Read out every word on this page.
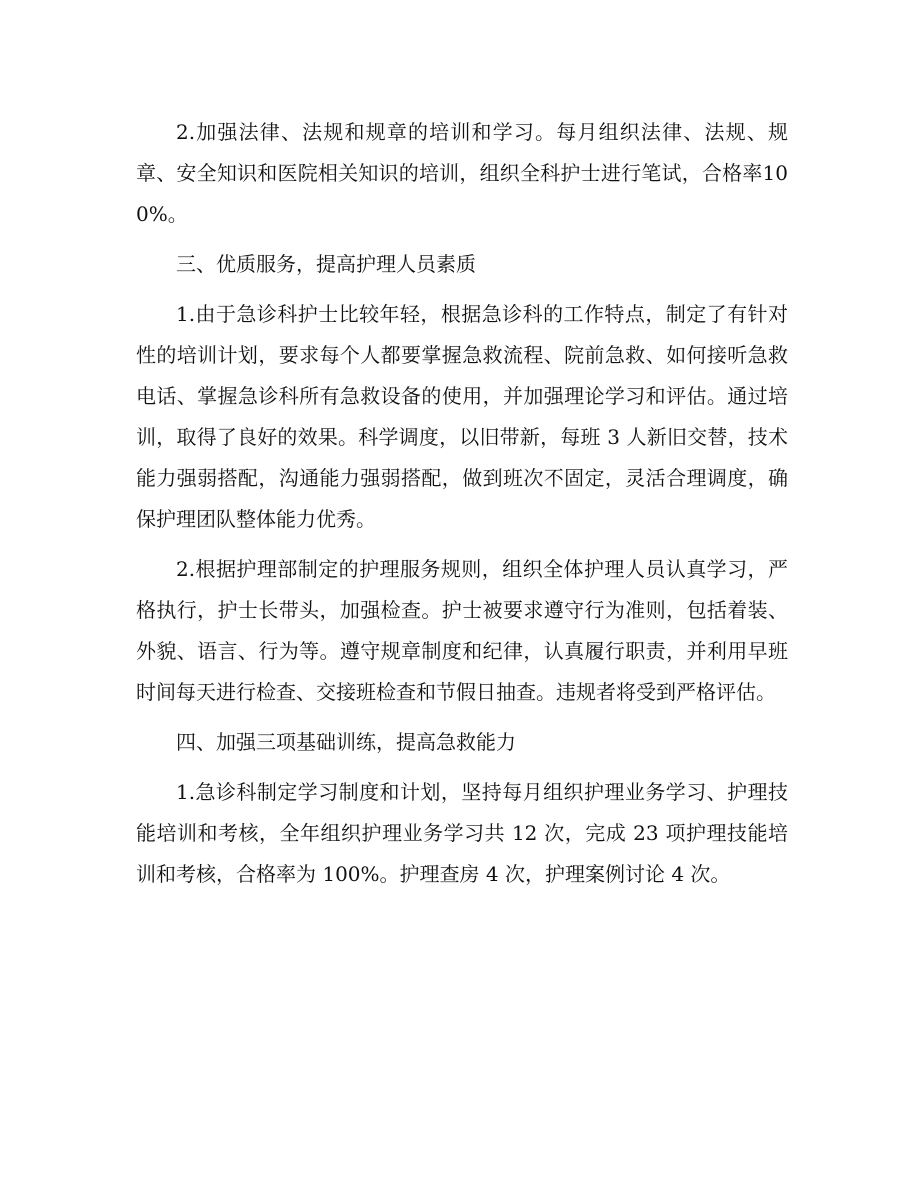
2.加强法律、法规和规章的培训和学习。每月组织法律、法规、规章、安全知识和医院相关知识的培训，组织全科护士进行笔试，合格率100%。

三、优质服务，提高护理人员素质

1.由于急诊科护士比较年轻，根据急诊科的工作特点，制定了有针对性的培训计划，要求每个人都要掌握急救流程、院前急救、如何接听急救电话、掌握急诊科所有急救设备的使用，并加强理论学习和评估。通过培训，取得了良好的效果。科学调度，以旧带新，每班 3 人新旧交替，技术能力强弱搭配，沟通能力强弱搭配，做到班次不固定，灵活合理调度，确保护理团队整体能力优秀。

2.根据护理部制定的护理服务规则，组织全体护理人员认真学习，严格执行，护士长带头，加强检查。护士被要求遵守行为准则，包括着装、外貌、语言、行为等。遵守规章制度和纪律，认真履行职责，并利用早班时间每天进行检查、交接班检查和节假日抽查。违规者将受到严格评估。

四、加强三项基础训练，提高急救能力

1.急诊科制定学习制度和计划，坚持每月组织护理业务学习、护理技能培训和考核，全年组织护理业务学习共 12 次，完成 23 项护理技能培训和考核，合格率为 100%。护理查房 4 次，护理案例讨论 4 次。
